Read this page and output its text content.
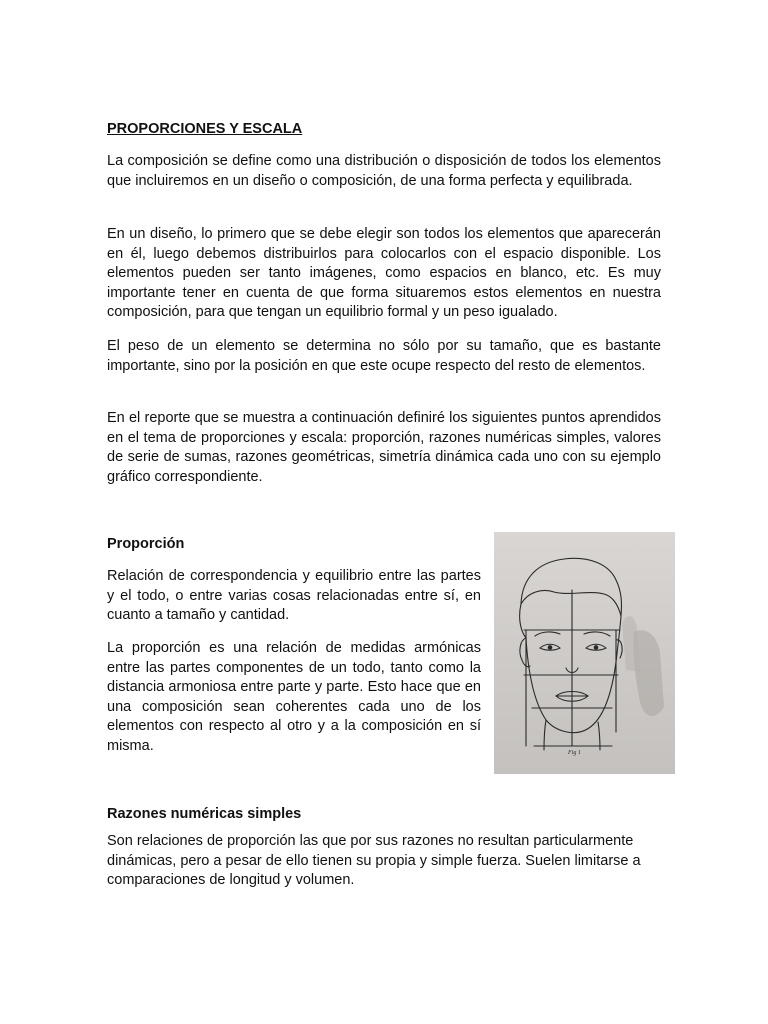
PROPORCIONES Y ESCALA

La composición se define como una distribución o disposición de todos los elementos que incluiremos en un diseño o composición, de una forma perfecta y equilibrada.

En un diseño, lo primero que se debe elegir son todos los elementos que aparecerán en él, luego debemos distribuirlos para colocarlos con el espacio disponible. Los elementos pueden ser tanto imágenes, como espacios en blanco, etc. Es muy importante tener en cuenta de que forma situaremos estos elementos en nuestra composición, para que tengan un equilibrio formal y un peso igualado.

El peso de un elemento se determina no sólo por su tamaño, que es bastante importante, sino por la posición en que este ocupe respecto del resto de elementos.

En el reporte que se muestra a continuación definiré los siguientes puntos aprendidos en el tema de proporciones y escala: proporción, razones numéricas simples, valores de serie de sumas, razones geométricas, simetría dinámica cada uno con su ejemplo gráfico correspondiente.

Proporción

Relación de correspondencia y equilibrio entre las partes y el todo, o entre varias cosas relacionadas entre sí, en cuanto a tamaño y cantidad.

La proporción es una relación de medidas armónicas entre las partes componentes de un todo, tanto como la distancia armoniosa entre parte y parte. Esto hace que en una composición sean coherentes cada uno de los elementos con respecto al otro y a la composición en sí misma.	Fig 1
Razones numéricas simples

Son relaciones de proporción las que por sus razones no resultan particularmente dinámicas, pero a pesar de ello tienen su propia y simple fuerza. Suelen limitarse a comparaciones de longitud y volumen.
